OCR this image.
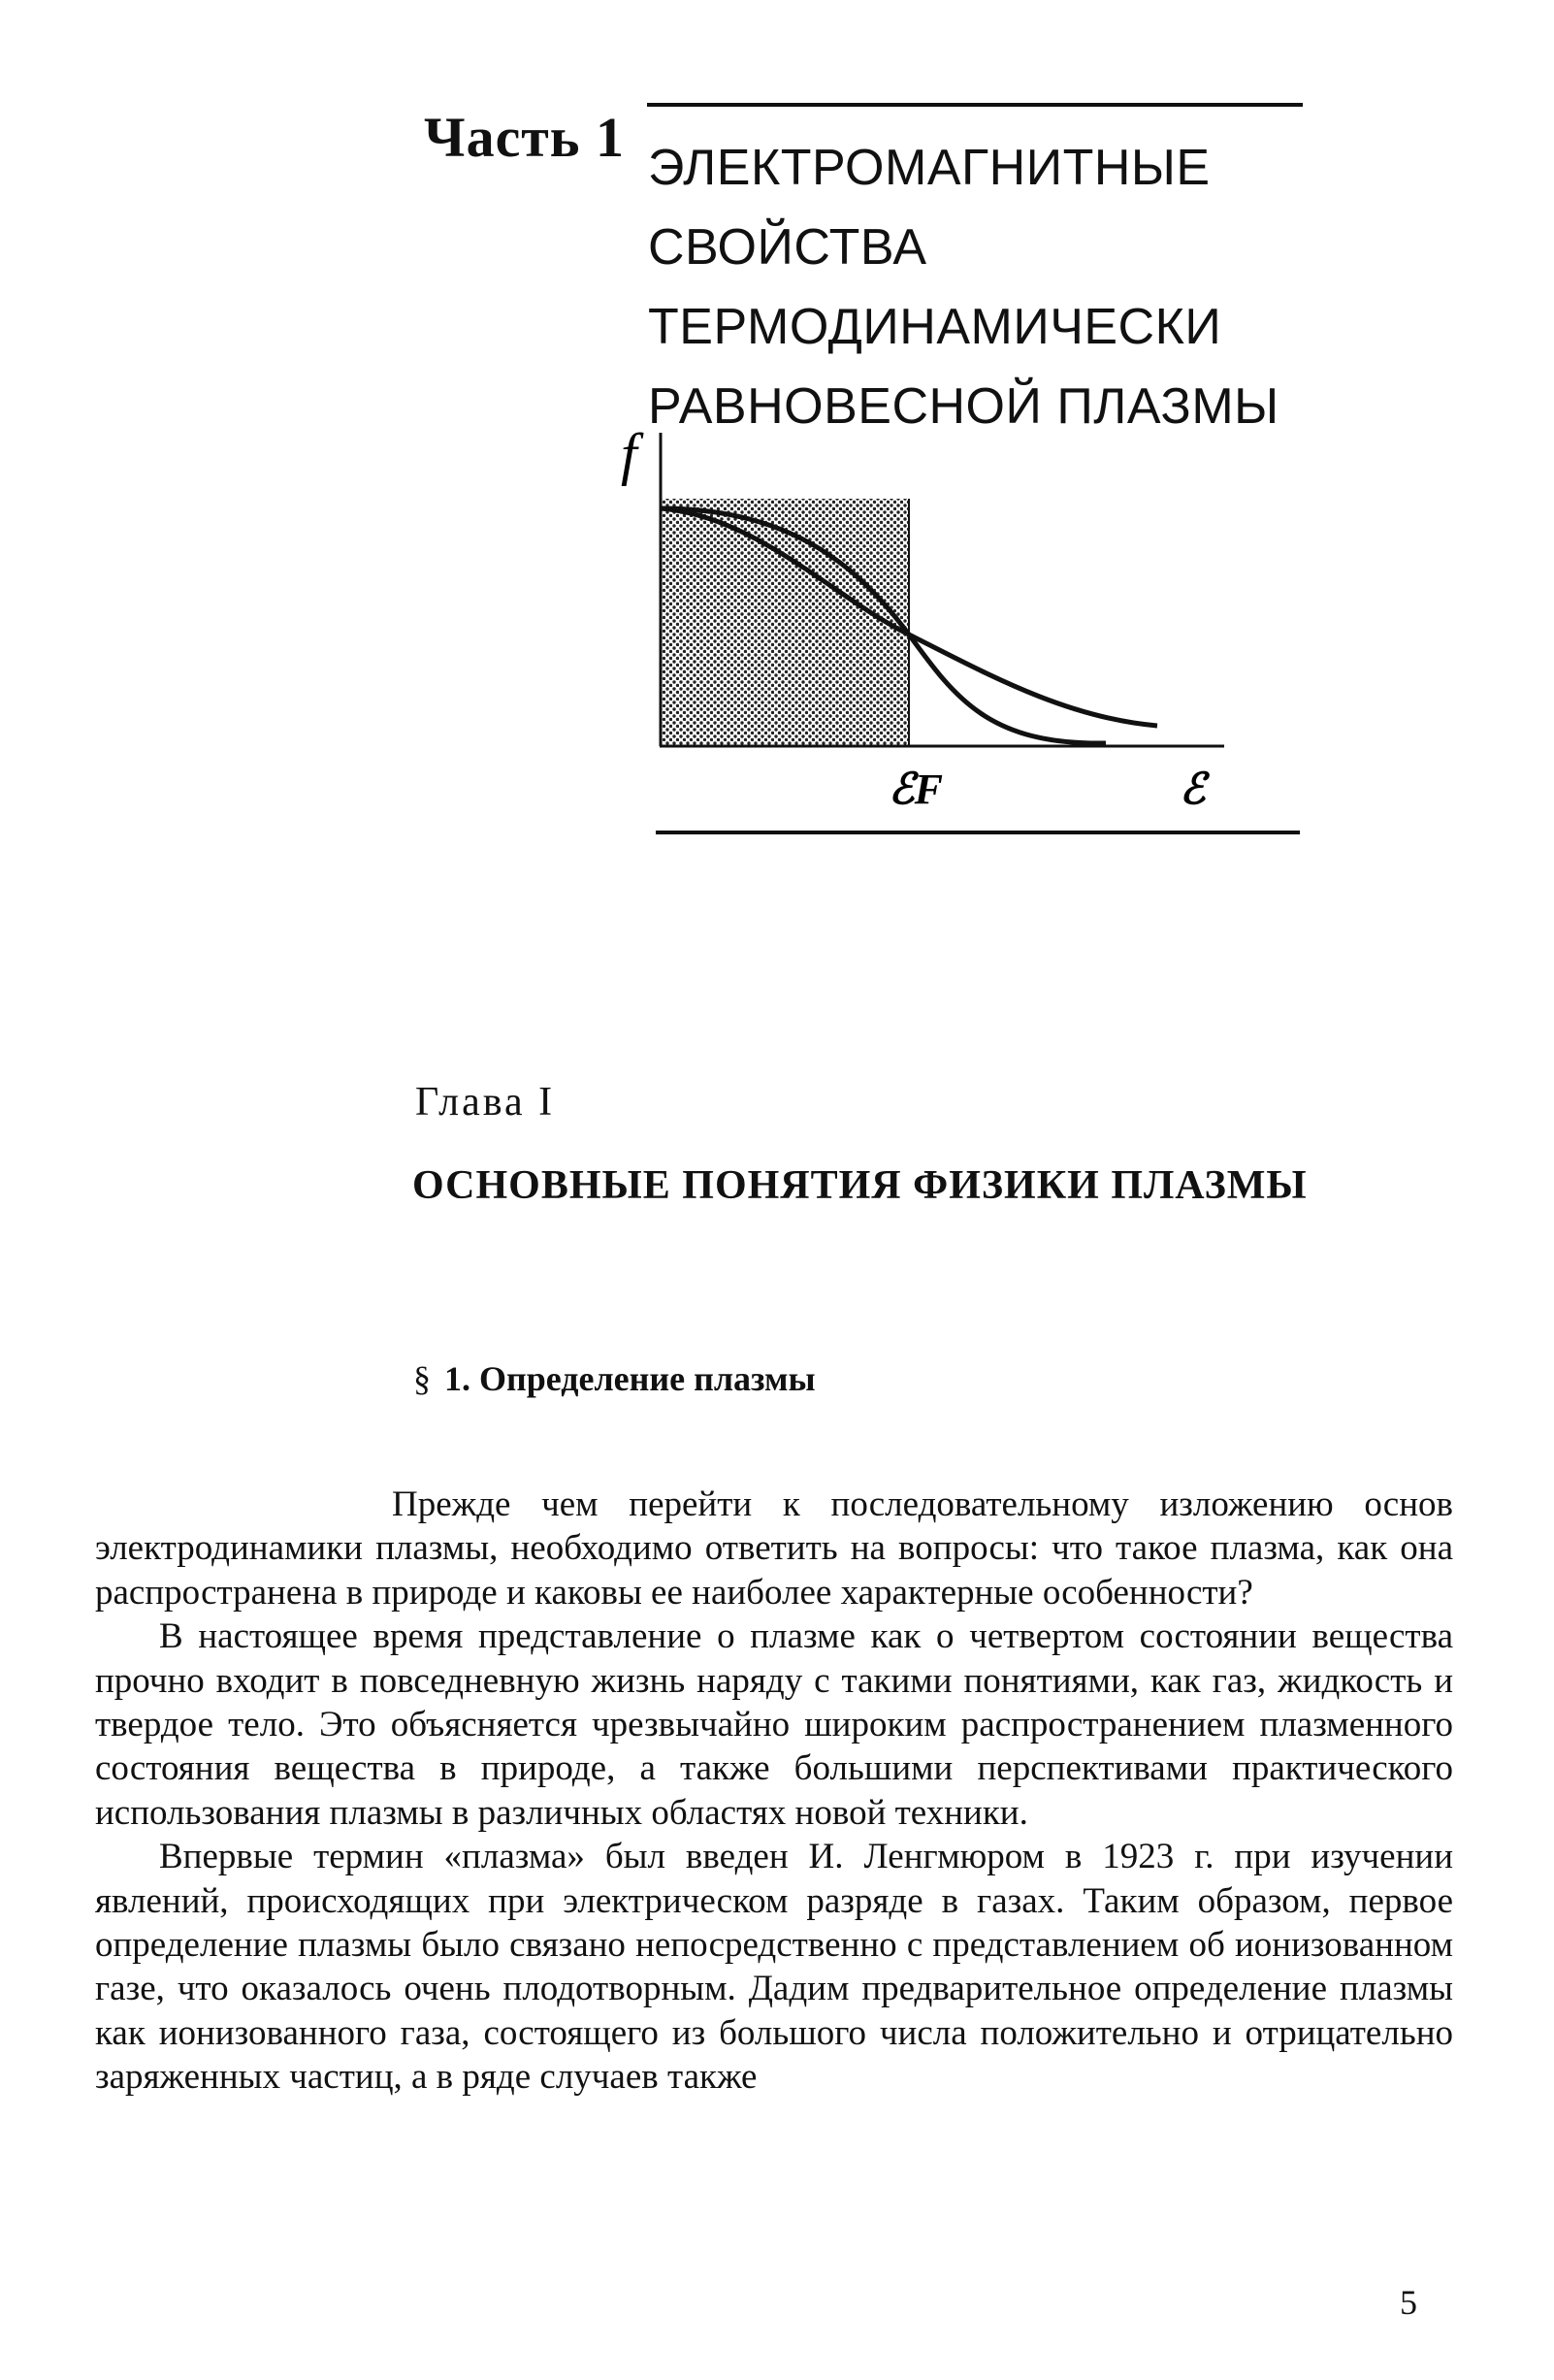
Часть 1 ЭЛЕКТРОМАГНИТНЫЕ
СВОЙСТВА
ТЕРМОДИНАМИЧЕСКИ
РАВНОВЕСНОЙ ПЛАЗМЫ
f
ℰF	ℰ
Глава I
ОСНОВНЫЕ ПОНЯТИЯ ФИЗИКИ ПЛАЗМЫ
§ 1. Определение плазмы

Прежде чем перейти к последовательному изложению основ электродинамики плазмы, необходимо ответить на вопросы: что такое плазма, как она распространена в природе и каковы ее наиболее характерные особенности?

В настоящее время представление о плазме как о четвертом состоянии вещества прочно входит в повседневную жизнь наряду с такими понятиями, как газ, жидкость и твердое тело. Это объясняется чрезвычайно широким распространением плазменного состояния вещества в природе, а также большими перспективами практического использования плазмы в различных областях новой техники.

Впервые термин «плазма» был введен И. Ленгмюром в 1923 г. при изучении явлений, происходящих при электрическом разряде в газах. Таким образом, первое определение плазмы было связано непосредственно с представлением об ионизованном газе, что оказалось очень плодотворным. Дадим предварительное определение плазмы как ионизованного газа, состоящего из большого числа положительно и отрицательно заряженных частиц, а в ряде случаев также

5
